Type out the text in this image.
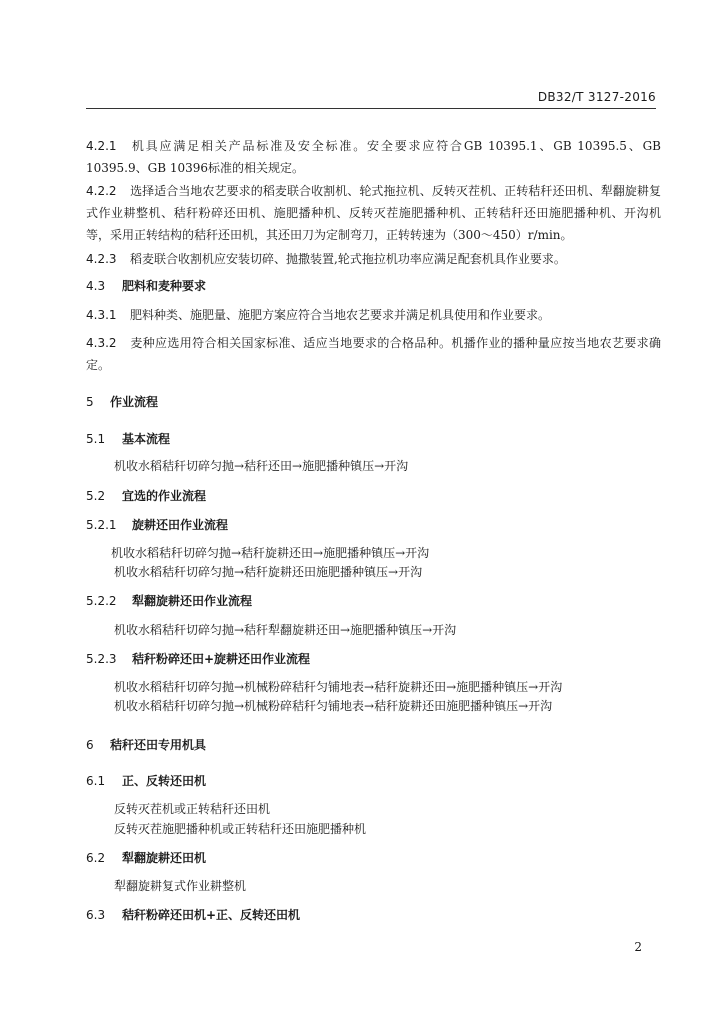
DB32/T 3127-2016

4.2.1 机具应满足相关产品标准及安全标准。安全要求应符合GB 10395.1、GB 10395.5、GB 10395.9、GB 10396标准的相关规定。

4.2.2 选择适合当地农艺要求的稻麦联合收割机、轮式拖拉机、反转灭茬机、正转秸秆还田机、犁翻旋耕复式作业耕整机、秸秆粉碎还田机、施肥播种机、反转灭茬施肥播种机、正转秸秆还田施肥播种机、开沟机等，采用正转结构的秸秆还田机，其还田刀为定制弯刀，正转转速为（300～450）r/min。

4.2.3 稻麦联合收割机应安装切碎、抛撒装置,轮式拖拉机功率应满足配套机具作业要求。

4.3 肥料和麦种要求

4.3.1 肥料种类、施肥量、施肥方案应符合当地农艺要求并满足机具使用和作业要求。

4.3.2 麦种应选用符合相关国家标准、适应当地要求的合格品种。机播作业的播种量应按当地农艺要求确定。

5 作业流程
5.1 基本流程
机收水稻秸秆切碎匀抛→秸秆还田→施肥播种镇压→开沟
5.2 宜选的作业流程
5.2.1 旋耕还田作业流程
机收水稻秸秆切碎匀抛→秸秆旋耕还田→施肥播种镇压→开沟
机收水稻秸秆切碎匀抛→秸秆旋耕还田施肥播种镇压→开沟
5.2.2 犁翻旋耕还田作业流程
机收水稻秸秆切碎匀抛→秸秆犁翻旋耕还田→施肥播种镇压→开沟
5.2.3 秸秆粉碎还田+旋耕还田作业流程
机收水稻秸秆切碎匀抛→机械粉碎秸秆匀铺地表→秸秆旋耕还田→施肥播种镇压→开沟
机收水稻秸秆切碎匀抛→机械粉碎秸秆匀铺地表→秸秆旋耕还田施肥播种镇压→开沟
6 秸秆还田专用机具
6.1 正、反转还田机
反转灭茬机或正转秸秆还田机
反转灭茬施肥播种机或正转秸秆还田施肥播种机
6.2 犁翻旋耕还田机
犁翻旋耕复式作业耕整机
6.3 秸秆粉碎还田机+正、反转还田机
2
